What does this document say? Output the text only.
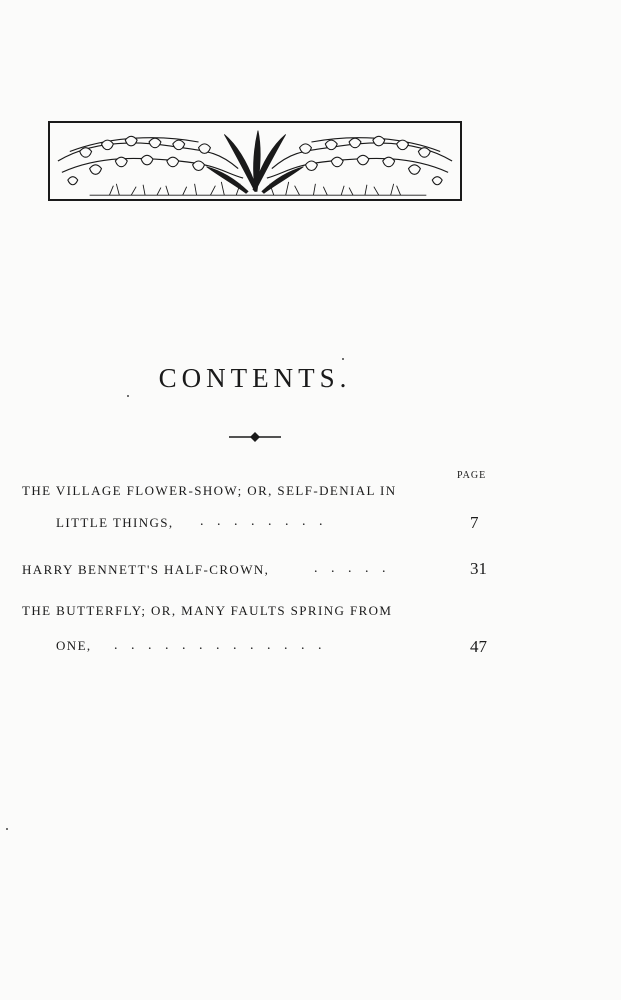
CONTENTS.
PAGE
THE VILLAGE FLOWER-SHOW; OR, SELF-DENIAL IN
LITTLE THINGS, . . . . . . . .	7
HARRY BENNETT'S HALF-CROWN,	. . . . .	31
THE BUTTERFLY; OR, MANY FAULTS SPRING FROM
ONE, . . . . . . . . . . . . .	47
